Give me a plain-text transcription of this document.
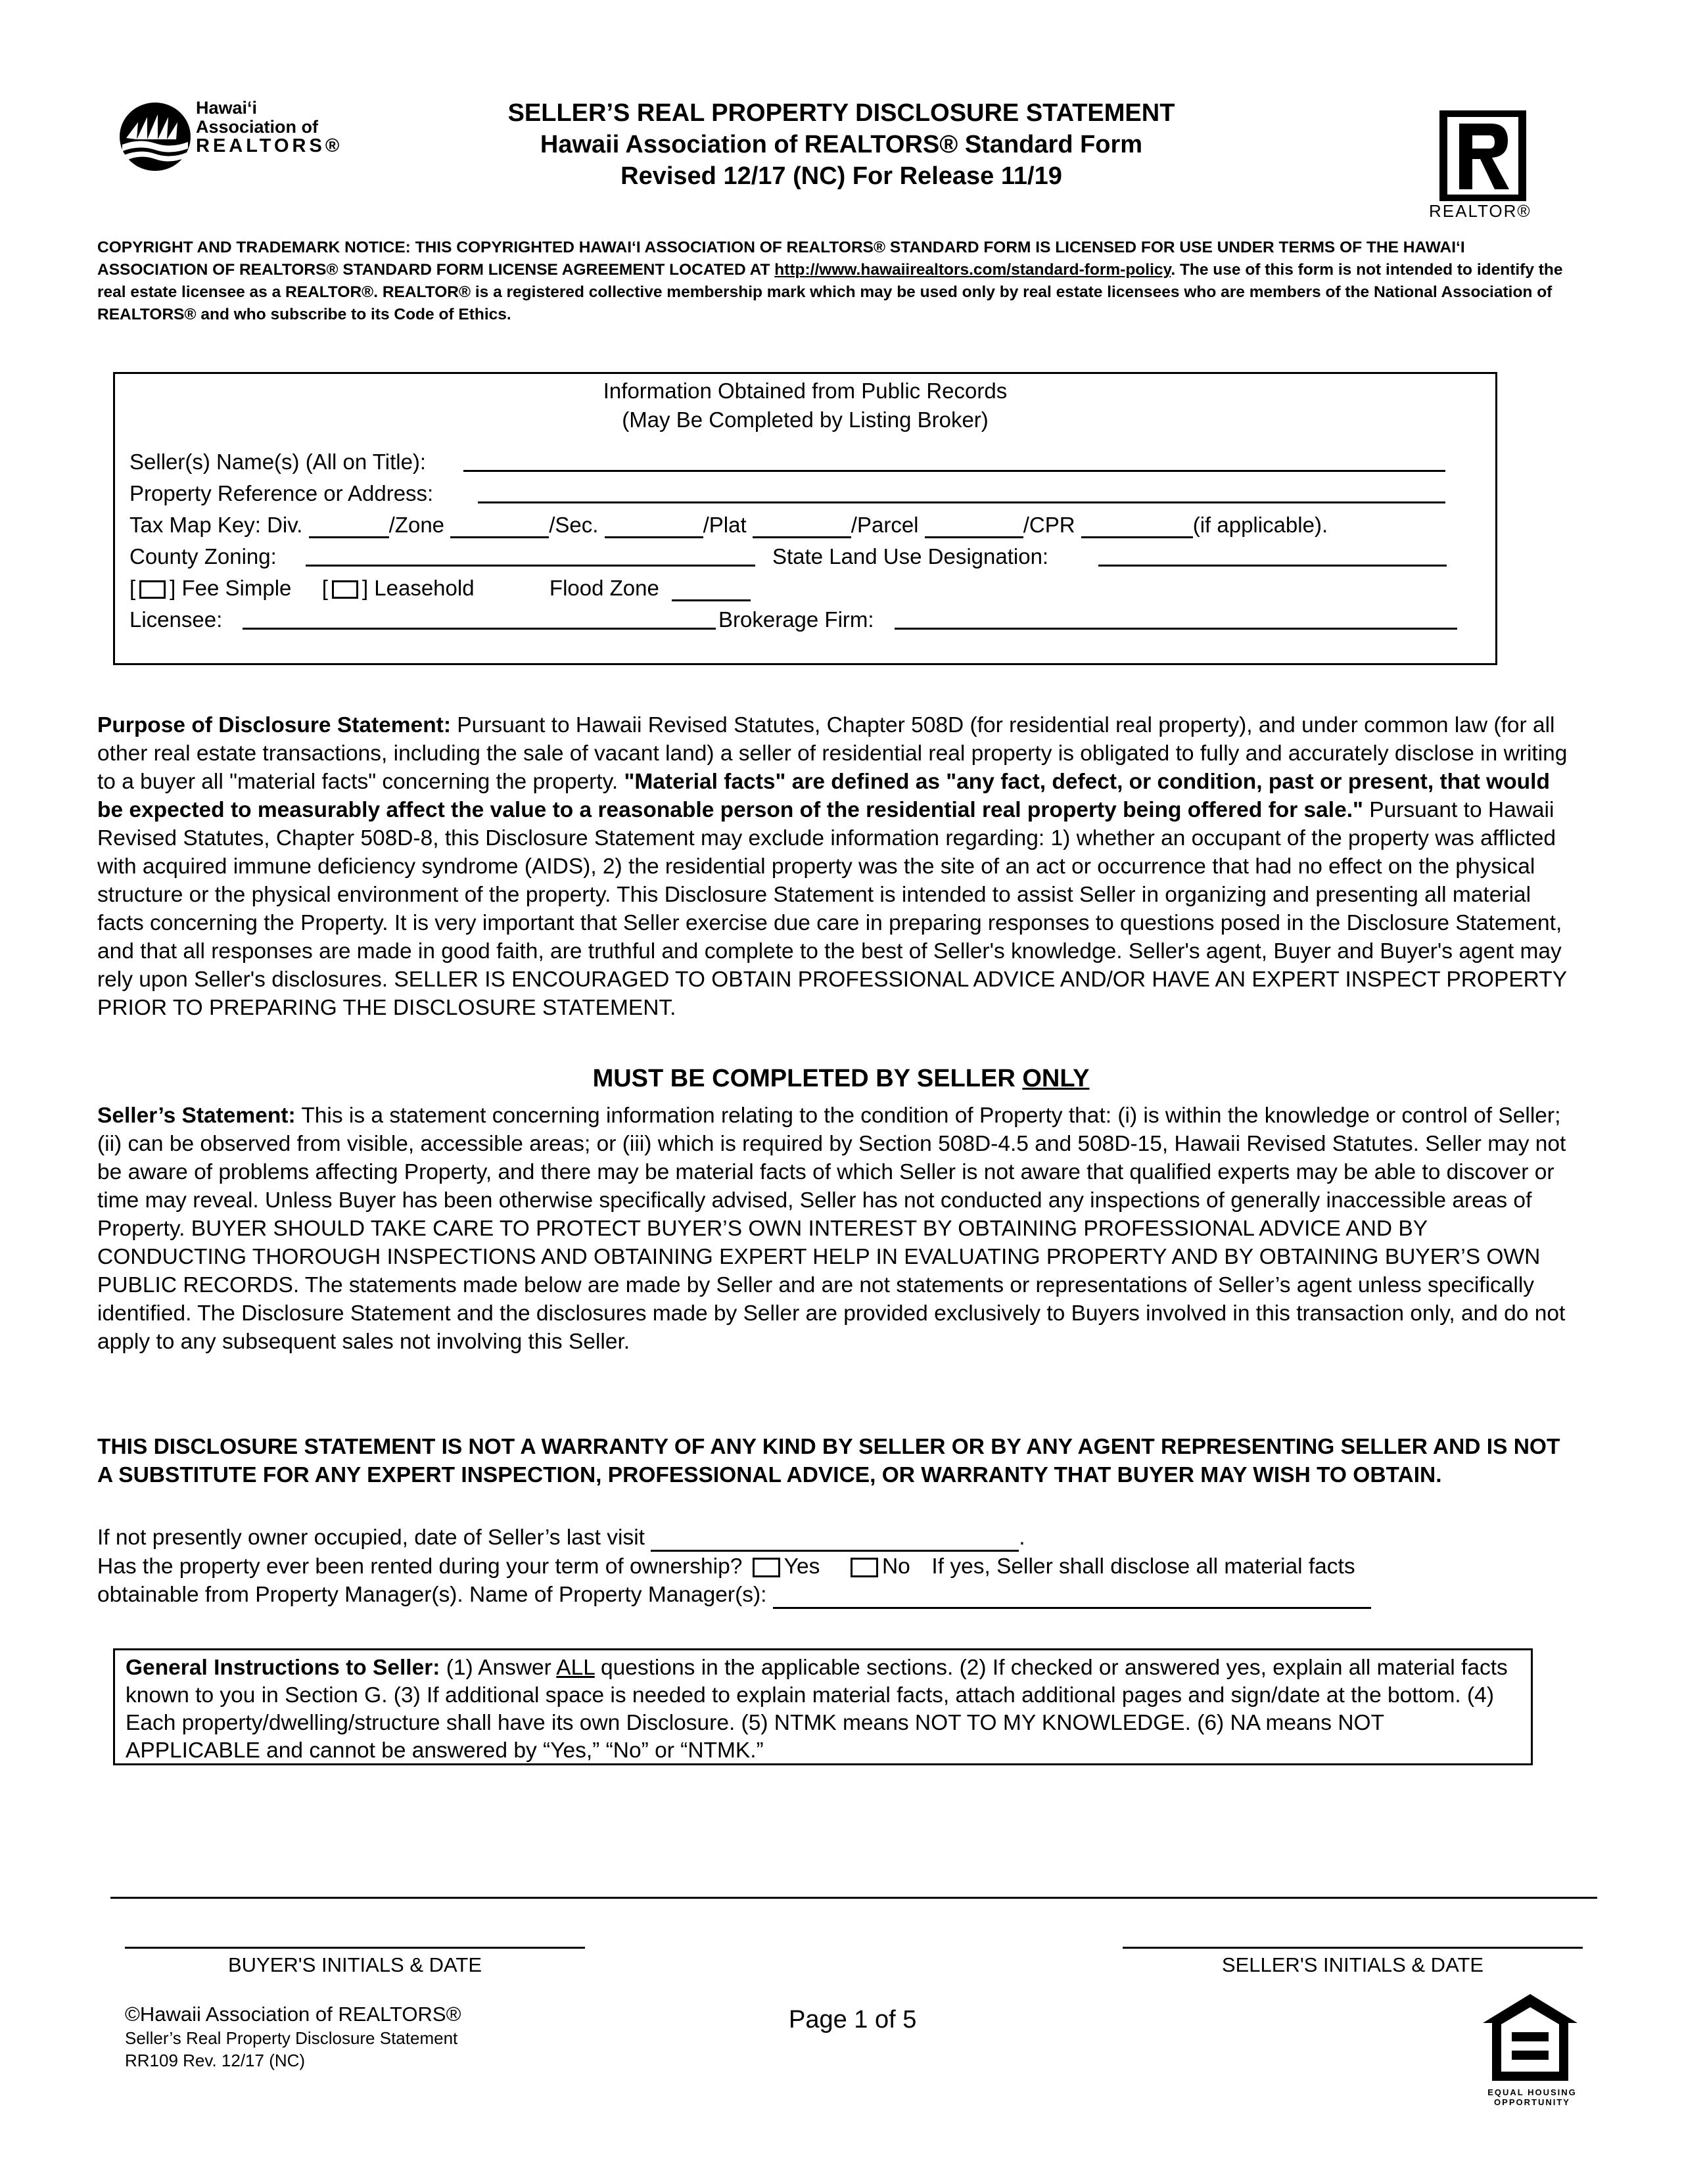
Hawai‘i
Association of
REALTORS®
SELLER’S REAL PROPERTY DISCLOSURE STATEMENT
Hawaii Association of REALTORS® Standard Form
Revised 12/17 (NC) For Release 11/19
REALTOR®
COPYRIGHT AND TRADEMARK NOTICE: THIS COPYRIGHTED HAWAI‘I ASSOCIATION OF REALTORS® STANDARD FORM IS LICENSED FOR USE UNDER TERMS OF THE HAWAI‘I ASSOCIATION OF REALTORS® STANDARD FORM LICENSE AGREEMENT LOCATED AT http://www.hawaiirealtors.com/standard-form-policy. The use of this form is not intended to identify the real estate licensee as a REALTOR®. REALTOR® is a registered collective membership mark which may be used only by real estate licensees who are members of the National Association of REALTORS® and who subscribe to its Code of Ethics.
Information Obtained from Public Records
(May Be Completed by Listing Broker)
Seller(s) Name(s) (All on Title):
Property Reference or Address:
Tax Map Key: Div.	/Zone	/Sec.	/Plat	/Parcel	/CPR	(if applicable).
County Zoning:	State Land Use Designation:
[ ] Fee Simple [ ] Leasehold	Flood Zone
Licensee:	Brokerage Firm:
Purpose of Disclosure Statement: Pursuant to Hawaii Revised Statutes, Chapter 508D (for residential real property), and under common law (for all other real estate transactions, including the sale of vacant land) a seller of residential real property is obligated to fully and accurately disclose in writing to a buyer all "material facts" concerning the property. "Material facts" are defined as "any fact, defect, or condition, past or present, that would be expected to measurably affect the value to a reasonable person of the residential real property being offered for sale." Pursuant to Hawaii Revised Statutes, Chapter 508D-8, this Disclosure Statement may exclude information regarding: 1) whether an occupant of the property was afflicted with acquired immune deficiency syndrome (AIDS), 2) the residential property was the site of an act or occurrence that had no effect on the physical structure or the physical environment of the property. This Disclosure Statement is intended to assist Seller in organizing and presenting all material facts concerning the Property. It is very important that Seller exercise due care in preparing responses to questions posed in the Disclosure Statement, and that all responses are made in good faith, are truthful and complete to the best of Seller's knowledge. Seller's agent, Buyer and Buyer's agent may rely upon Seller's disclosures. SELLER IS ENCOURAGED TO OBTAIN PROFESSIONAL ADVICE AND/OR HAVE AN EXPERT INSPECT PROPERTY PRIOR TO PREPARING THE DISCLOSURE STATEMENT.
MUST BE COMPLETED BY SELLER ONLY
Seller’s Statement: This is a statement concerning information relating to the condition of Property that: (i) is within the knowledge or control of Seller; (ii) can be observed from visible, accessible areas; or (iii) which is required by Section 508D-4.5 and 508D-15, Hawaii Revised Statutes. Seller may not be aware of problems affecting Property, and there may be material facts of which Seller is not aware that qualified experts may be able to discover or time may reveal. Unless Buyer has been otherwise specifically advised, Seller has not conducted any inspections of generally inaccessible areas of Property. BUYER SHOULD TAKE CARE TO PROTECT BUYER’S OWN INTEREST BY OBTAINING PROFESSIONAL ADVICE AND BY CONDUCTING THOROUGH INSPECTIONS AND OBTAINING EXPERT HELP IN EVALUATING PROPERTY AND BY OBTAINING BUYER’S OWN PUBLIC RECORDS. The statements made below are made by Seller and are not statements or representations of Seller’s agent unless specifically identified. The Disclosure Statement and the disclosures made by Seller are provided exclusively to Buyers involved in this transaction only, and do not apply to any subsequent sales not involving this Seller.
THIS DISCLOSURE STATEMENT IS NOT A WARRANTY OF ANY KIND BY SELLER OR BY ANY AGENT REPRESENTING SELLER AND IS NOT A SUBSTITUTE FOR ANY EXPERT INSPECTION, PROFESSIONAL ADVICE, OR WARRANTY THAT BUYER MAY WISH TO OBTAIN.
If not presently owner occupied, date of Seller’s last visit	.
Has the property ever been rented during your term of ownership? Yes	No If yes, Seller shall disclose all material facts
obtainable from Property Manager(s). Name of Property Manager(s):
General Instructions to Seller: (1) Answer ALL questions in the applicable sections. (2) If checked or answered yes, explain all material facts known to you in Section G. (3) If additional space is needed to explain material facts, attach additional pages and sign/date at the bottom. (4) Each property/dwelling/structure shall have its own Disclosure. (5) NTMK means NOT TO MY KNOWLEDGE. (6) NA means NOT APPLICABLE and cannot be answered by “Yes,” “No” or “NTMK.”
BUYER'S INITIALS & DATE	SELLER'S INITIALS & DATE
©Hawaii Association of REALTORS®
Seller’s Real Property Disclosure Statement
RR109 Rev. 12/17 (NC)
Page 1 of 5
EQUAL HOUSING
OPPORTUNITY
